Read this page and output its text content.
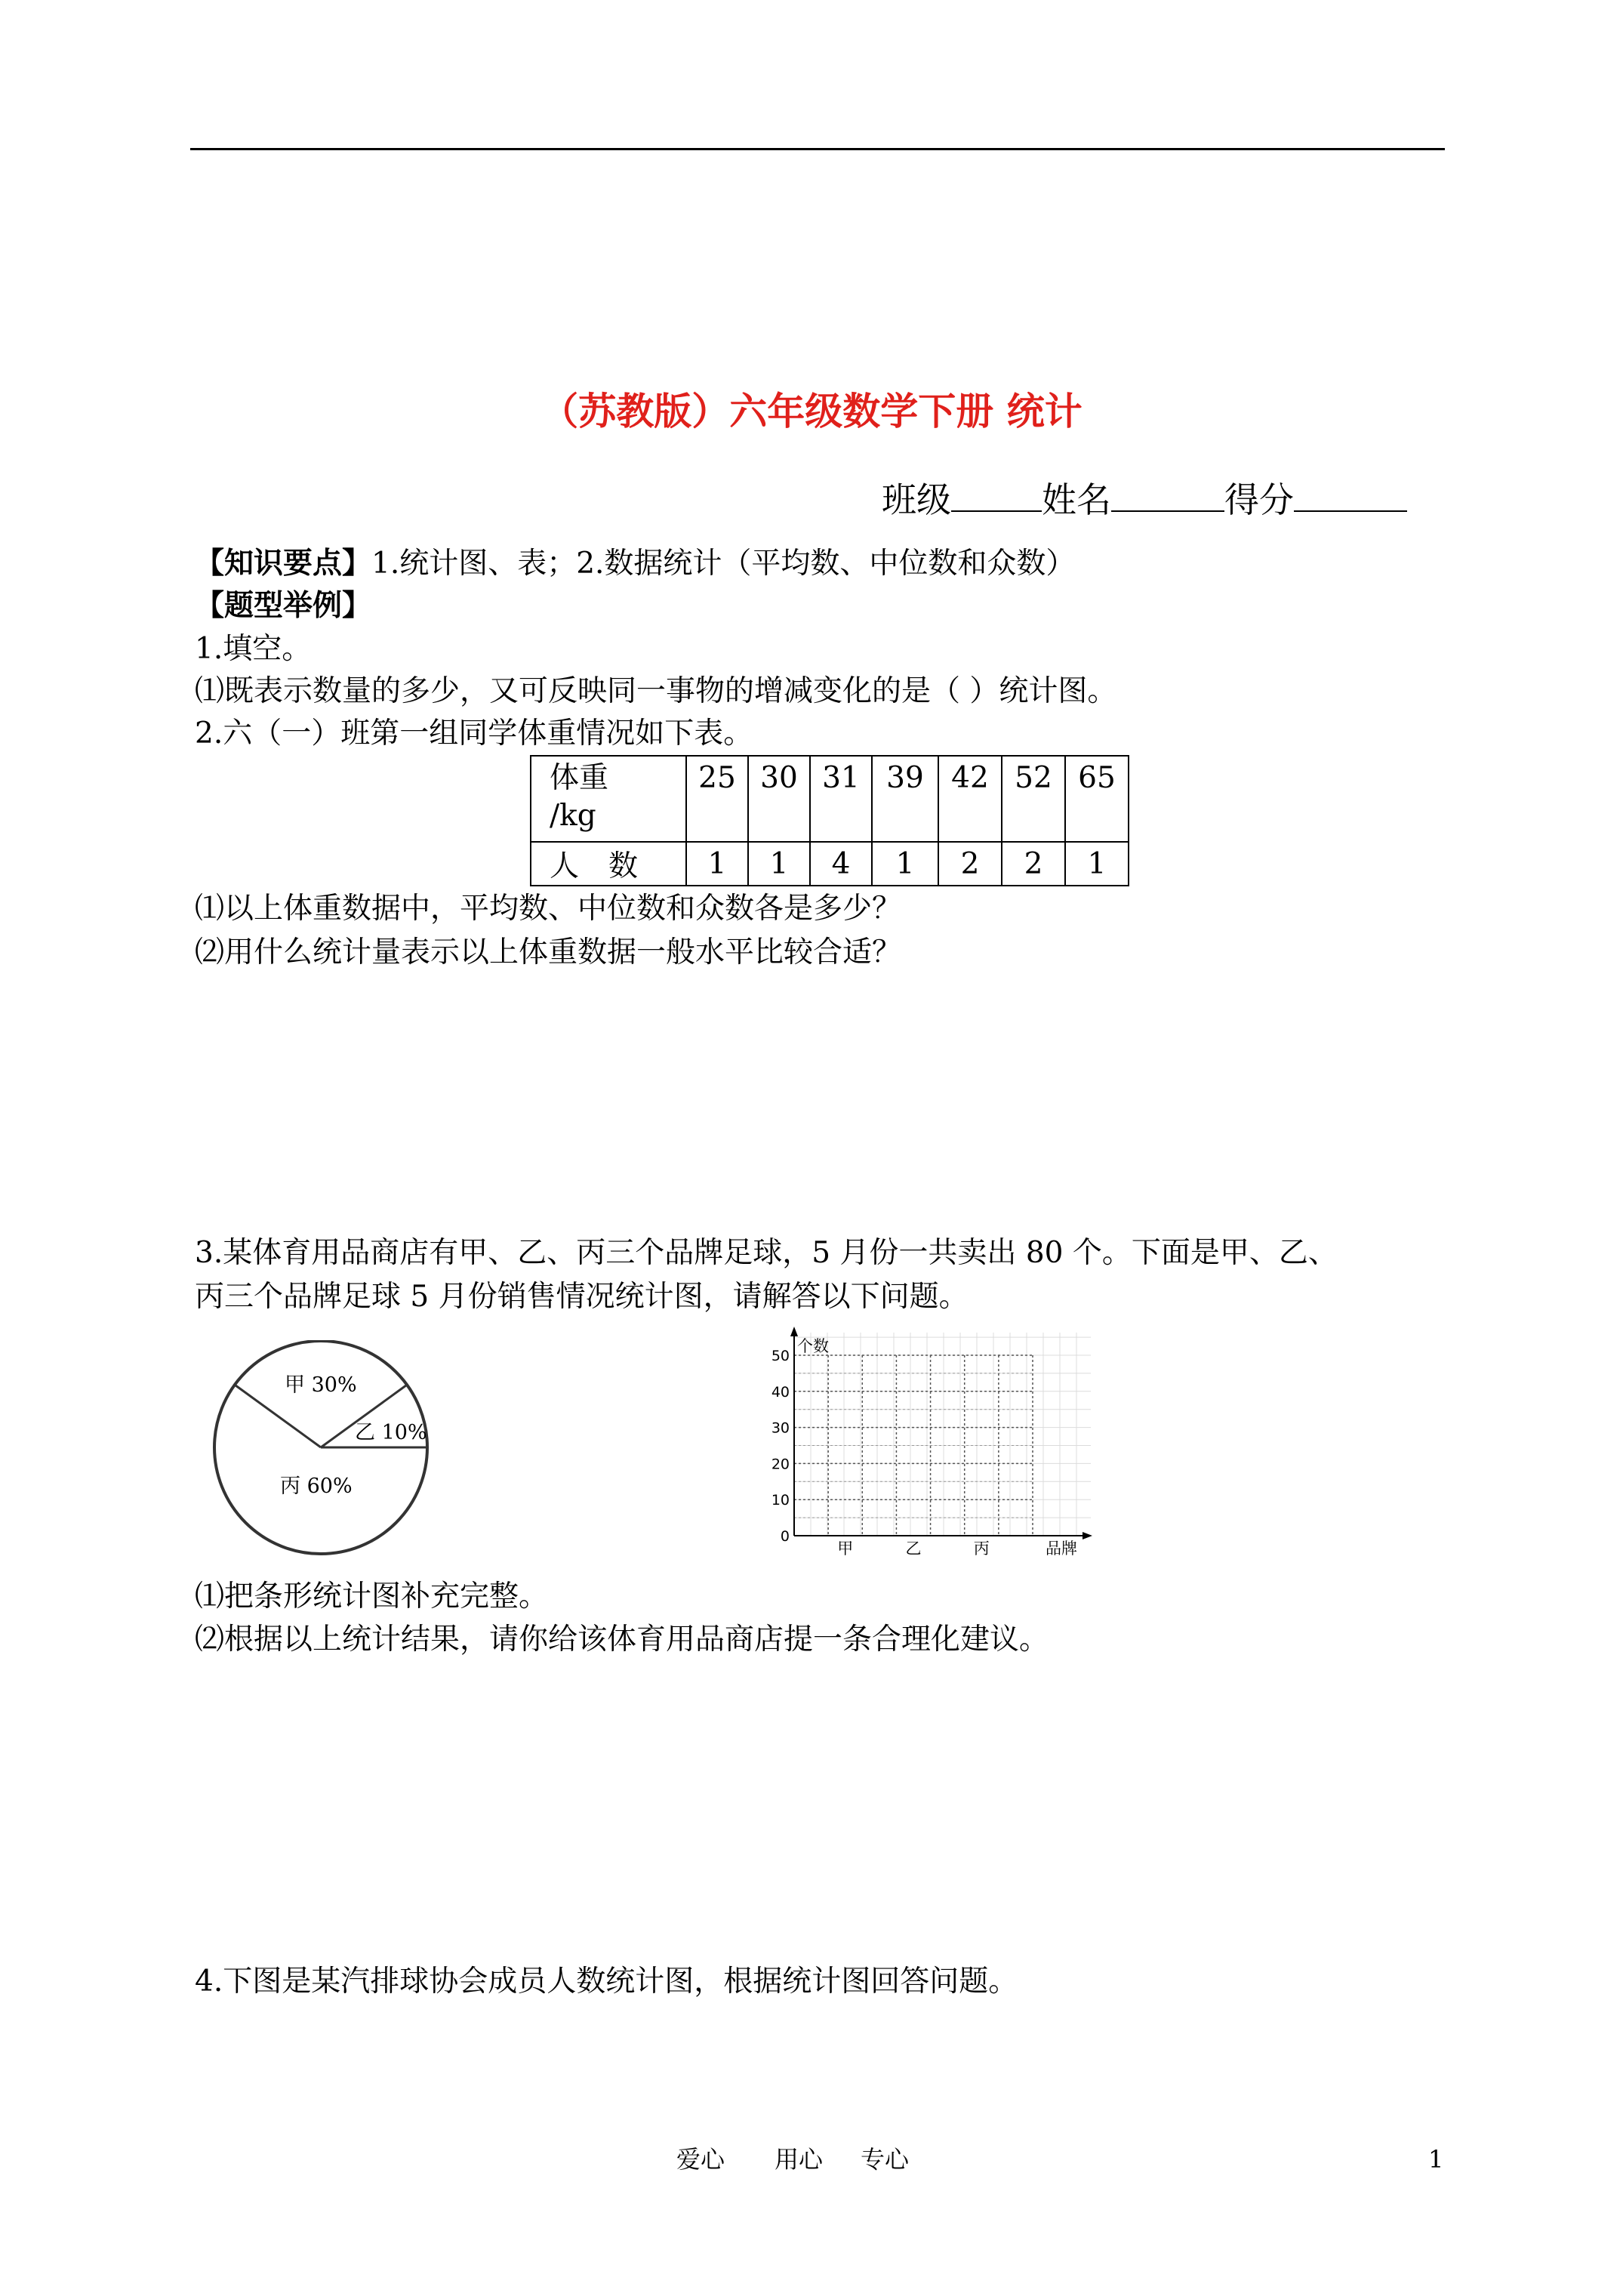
（苏教版）六年级数学下册 统计
班级	姓名	得分
【知识要点】1.统计图、表；2.数据统计（平均数、中位数和众数）
【题型举例】
1.填空。
⑴既表示数量的多少，又可反映同一事物的增减变化的是（ ）统计图。
2.六（一）班第一组同学体重情况如下表。
体重
/kg	25	30	31	39	42	52	65
人　数	1	1	4	1	2	2	1
⑴以上体重数据中，平均数、中位数和众数各是多少？
⑵用什么统计量表示以上体重数据一般水平比较合适？
3.某体育用品商店有甲、乙、丙三个品牌足球，5 月份一共卖出 80 个。下面是甲、乙、
丙三个品牌足球 5 月份销售情况统计图，请解答以下问题。
甲 30%
乙 10%
丙 60%
0
10
20
30
40
50
个数
品牌
甲	乙	丙
⑴把条形统计图补充完整。
⑵根据以上统计结果，请你给该体育用品商店提一条合理化建议。
4.下图是某汽排球协会成员人数统计图，根据统计图回答问题。
爱心 用心 专心	1
